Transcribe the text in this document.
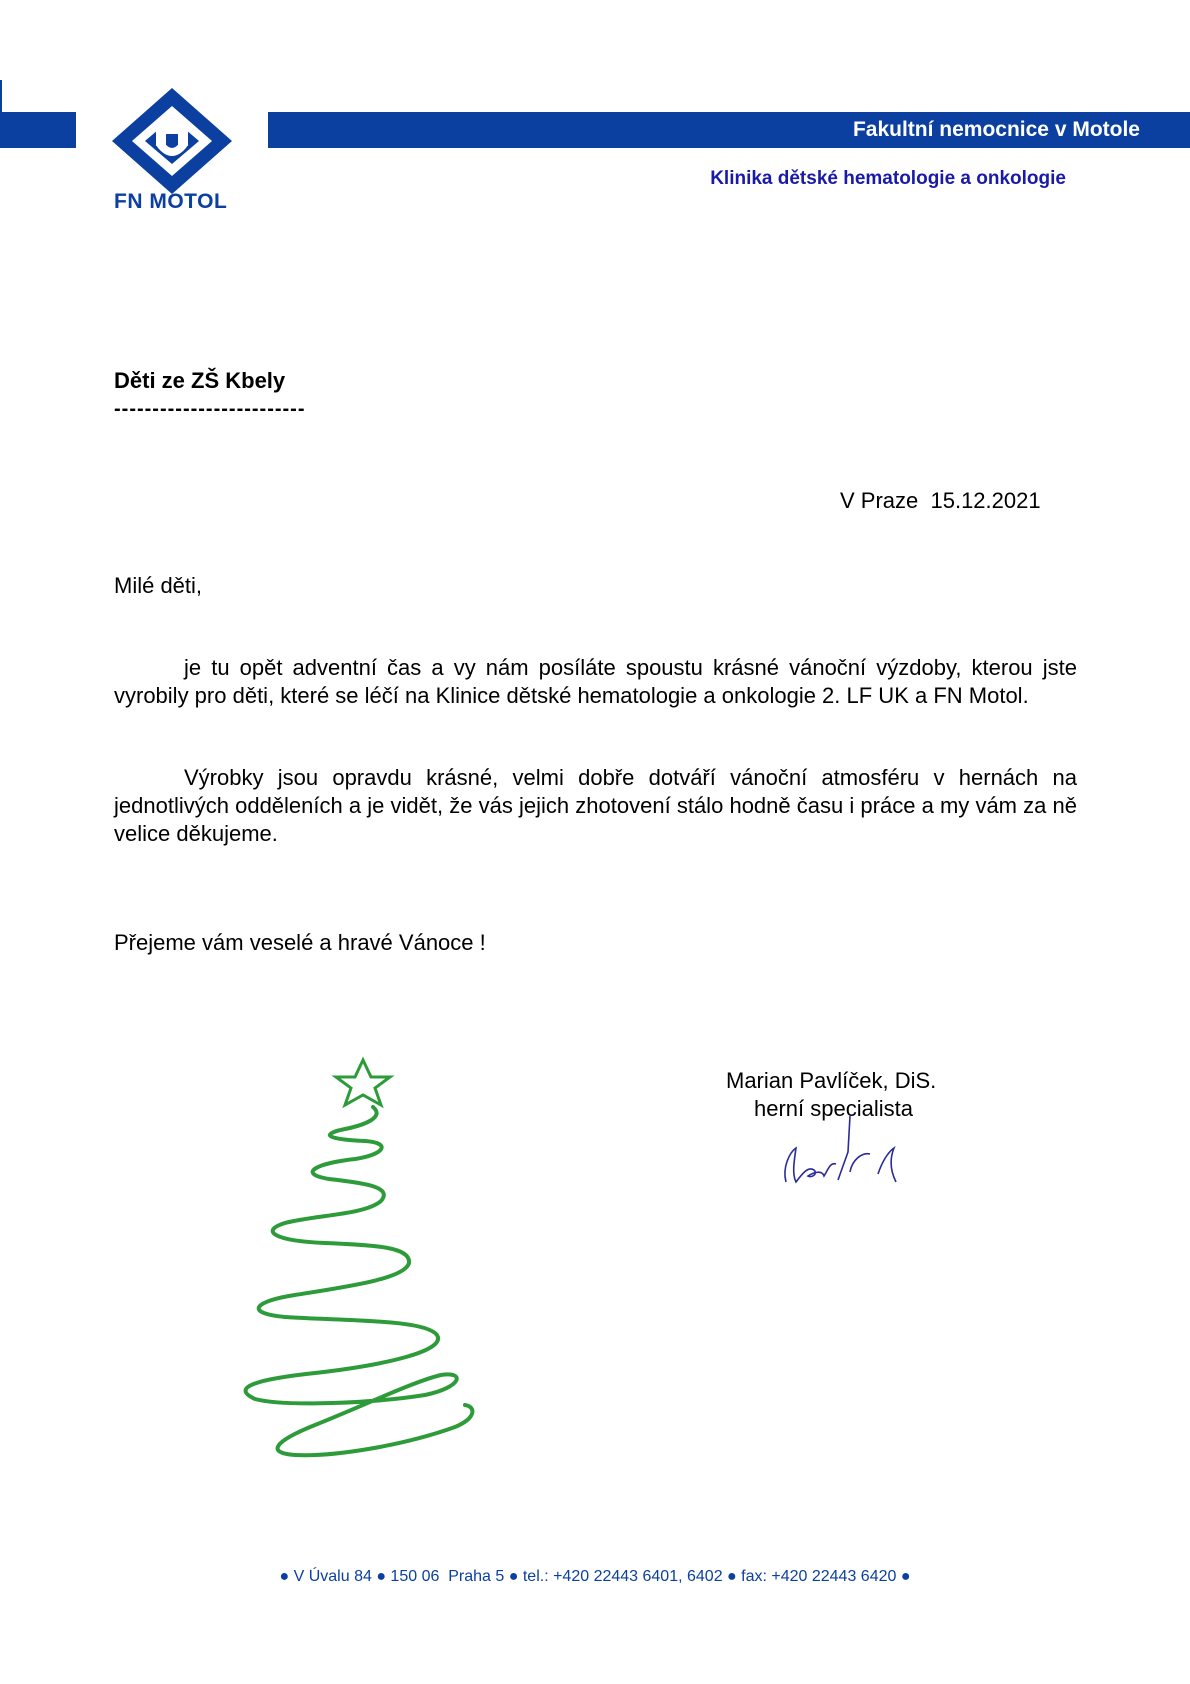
Fakultní nemocnice v Motole
FN MOTOL
Klinika dětské hematologie a onkologie
Děti ze ZŠ Kbely
-------------------------
V Praze  15.12.2021
Milé děti,

je tu opět adventní čas a vy nám posíláte spoustu krásné vánoční výzdoby, kterou jste vyrobily pro děti, které se léčí na Klinice dětské hematologie a onkologie 2. LF UK a FN Motol.

Výrobky jsou opravdu krásné, velmi dobře dotváří vánoční atmosféru v hernách na jednotlivých odděleních a je vidět, že vás jejich zhotovení stálo hodně času i práce a my vám za ně velice děkujeme.

Přejeme vám veselé a hravé Vánoce !
Marian Pavlíček, DiS.
herní specialista
● V Úvalu 84 ● 150 06  Praha 5 ● tel.: +420 22443 6401, 6402 ● fax: +420 22443 6420 ●
